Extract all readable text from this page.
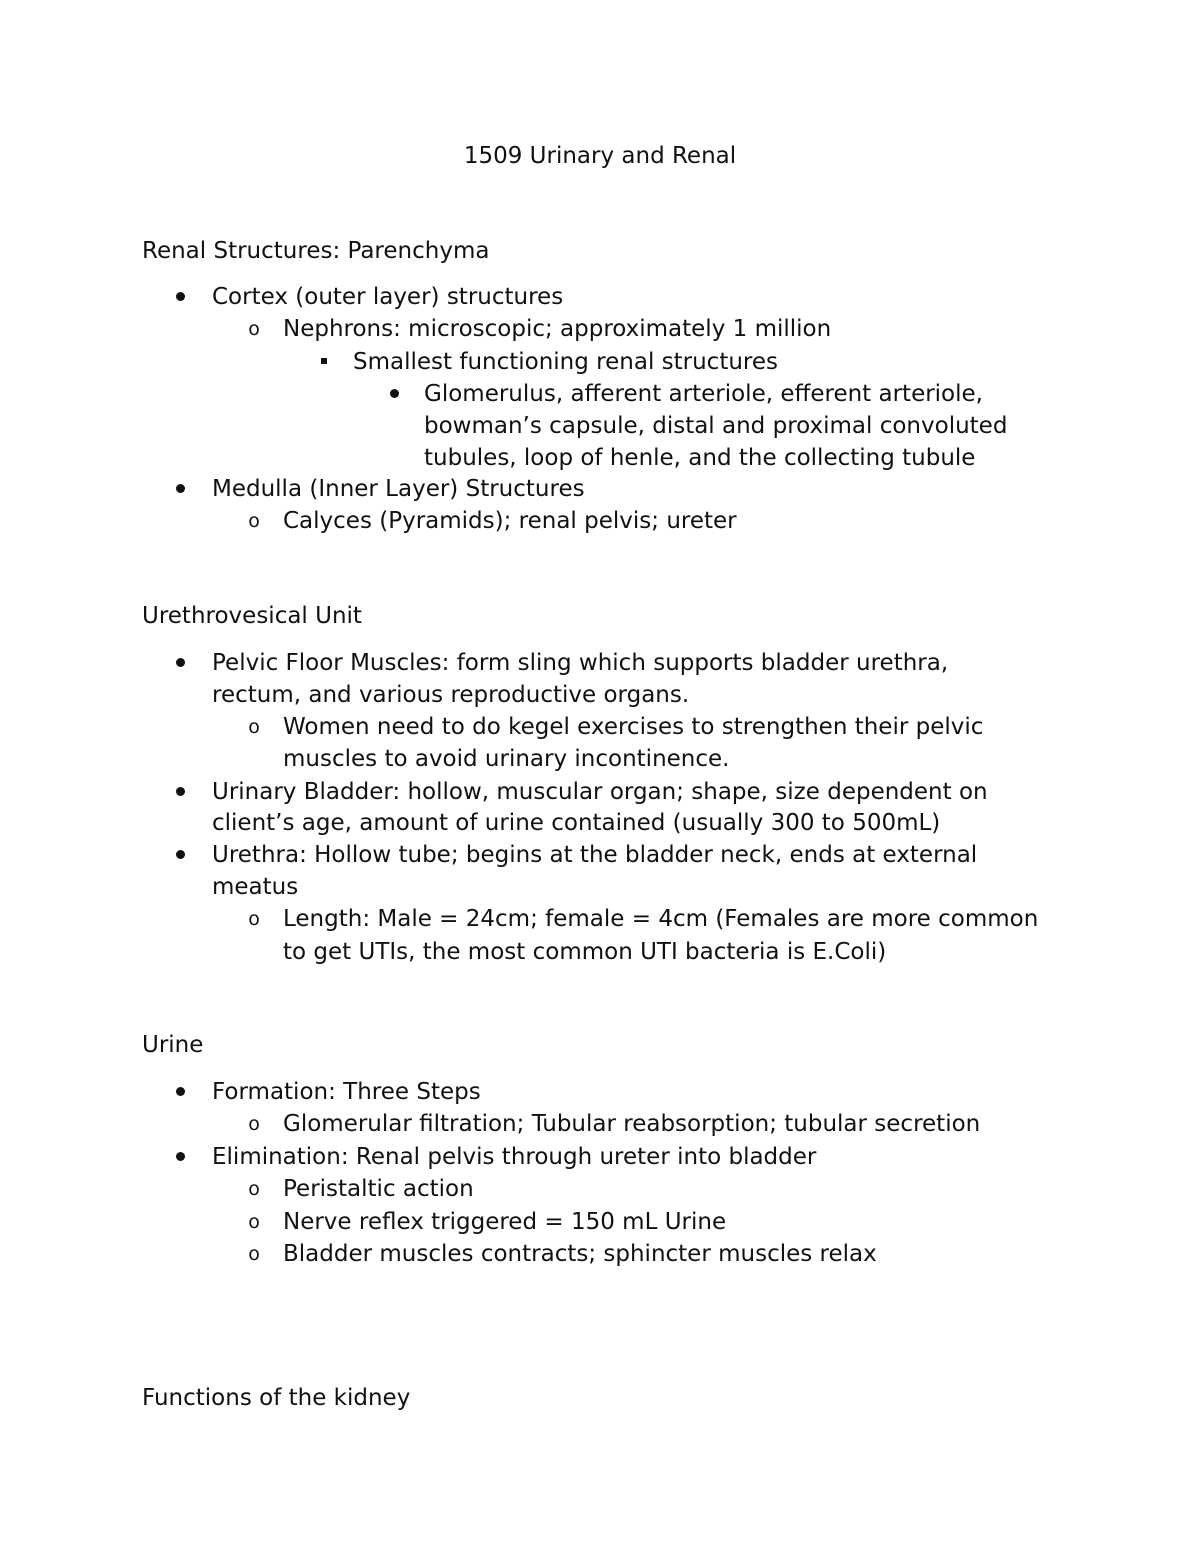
1509 Urinary and Renal
Renal Structures: Parenchyma
Cortex (outer layer) structures
o Nephrons: microscopic; approximately 1 million
Smallest functioning renal structures
Glomerulus, afferent arteriole, efferent arteriole,
bowman’s capsule, distal and proximal convoluted
tubules, loop of henle, and the collecting tubule
Medulla (Inner Layer) Structures
o Calyces (Pyramids); renal pelvis; ureter
Urethrovesical Unit
Pelvic Floor Muscles: form sling which supports bladder urethra,
rectum, and various reproductive organs.
o Women need to do kegel exercises to strengthen their pelvic
muscles to avoid urinary incontinence.
Urinary Bladder: hollow, muscular organ; shape, size dependent on
client’s age, amount of urine contained (usually 300 to 500mL)
Urethra: Hollow tube; begins at the bladder neck, ends at external
meatus
o Length: Male = 24cm; female = 4cm (Females are more common
to get UTIs, the most common UTI bacteria is E.Coli)
Urine
Formation: Three Steps
o Glomerular filtration; Tubular reabsorption; tubular secretion
Elimination: Renal pelvis through ureter into bladder
o Peristaltic action
o Nerve reflex triggered = 150 mL Urine
o Bladder muscles contracts; sphincter muscles relax
Functions of the kidney
